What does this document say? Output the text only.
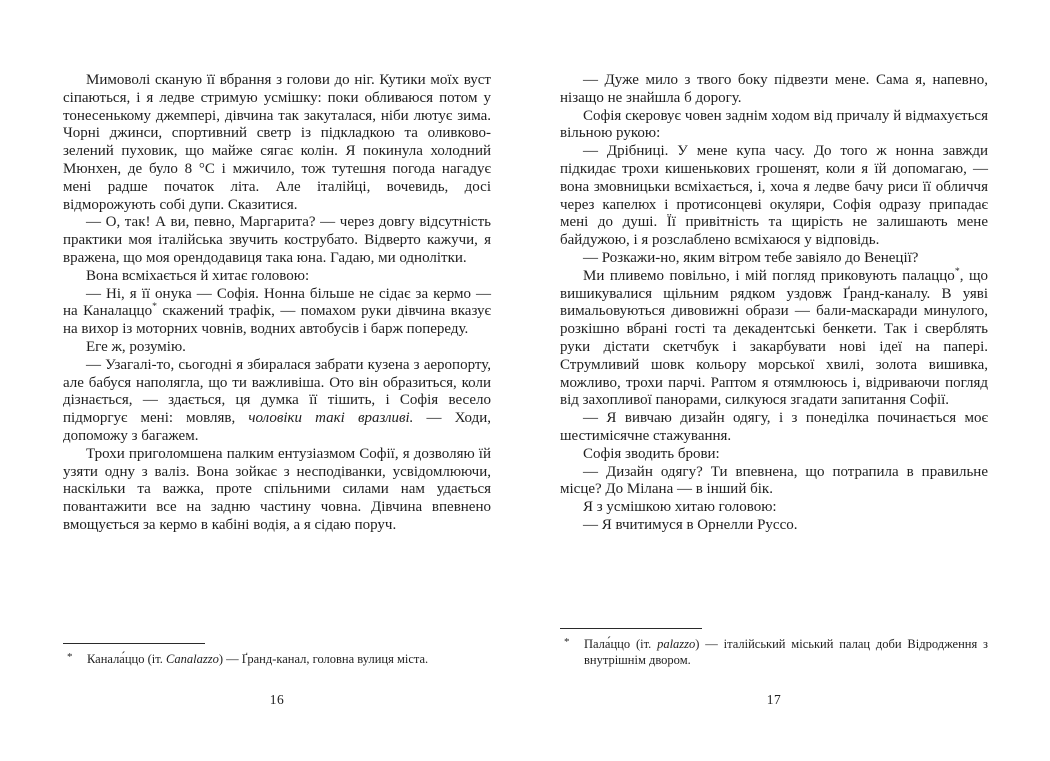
Мимоволі сканую її вбрання з голови до ніг. Кутики моїх вуст сіпаються, і я ледве стримую усмішку: поки обливаюся потом у тонесенькому джемпері, дівчина так закуталася, ніби лютує зима. Чорні джинси, спортивний светр із підкладкою та оливково-зелений пуховик, що майже сягає колін. Я покинула холодний Мюнхен, де було 8 °С і мжичило, тож тутешня погода нагадує мені радше початок літа. Але італійці, вочевидь, досі відморожують собі дупи. Сказитися.

— О, так! А ви, певно, Маргарита? — через довгу відсутність практики моя італійська звучить кострубато. Відверто кажучи, я вражена, що моя орендодавиця така юна. Гадаю, ми однолітки.

Вона всміхається й хитає головою:

— Ні, я її онука — Софія. Нонна більше не сідає за кермо — на Каналаццо* скажений трафік, — помахом руки дівчина вказує на вихор із моторних човнів, водних автобусів і барж попереду.

Еге ж, розумію.

— Узагалі-то, сьогодні я збиралася забрати кузена з аеропорту, але бабуся наполягла, що ти важливіша. Ото він образиться, коли дізнається, — здається, ця думка її тішить, і Софія весело підморгує мені: мовляв, чоловіки такі вразливі. — Ходи, допоможу з багажем.

Трохи приголомшена палким ентузіазмом Софії, я дозволяю їй узяти одну з валіз. Вона зойкає з несподіванки, усвідомлюючи, наскільки та важка, проте спільними силами нам удається повантажити все на задню частину човна. Дівчина впевнено вмощується за кермо в кабіні водія, а я сідаю поруч.

* Канала́ццо (іт. Canalazzo) — Ґранд-канал, головна вулиця міста.
16

— Дуже мило з твого боку підвезти мене. Сама я, напевно, нізащо не знайшла б дорогу.

Софія скеровує човен заднім ходом від причалу й відмахується вільною рукою:

— Дрібниці. У мене купа часу. До того ж нонна завжди підкидає трохи кишенькових грошенят, коли я їй допомагаю, — вона змовницьки всміхається, і, хоча я ледве бачу риси її обличчя через капелюх і протисонцеві окуляри, Софія одразу припадає мені до душі. Її привітність та щирість не залишають мене байдужою, і я розслаблено всміхаюся у відповідь.

— Розкажи-но, яким вітром тебе завіяло до Венеції?

Ми пливемо повільно, і мій погляд приковують палаццо*, що вишикувалися щільним рядком уздовж Ґранд-каналу. В уяві вимальовуються дивовижні образи — бали-маскаради минулого, розкішно вбрані гості та декадентські бенкети. Так і сверблять руки дістати скетчбук і закарбувати нові ідеї на папері. Струмливий шовк кольору морської хвилі, золота вишивка, можливо, трохи парчі. Раптом я отямлююсь і, відриваючи погляд від захопливої панорами, силкуюся згадати запитання Софії.

— Я вивчаю дизайн одягу, і з понеділка починається моє шестимісячне стажування.

Софія зводить брови:

— Дизайн одягу? Ти впевнена, що потрапила в правильне місце? До Мілана — в інший бік.

Я з усмішкою хитаю головою:

— Я вчитимуся в Орнелли Руссо.

* Пала́ццо (іт. palazzo) — італійський міський палац доби Відродження з внутрішнім двором.
17
